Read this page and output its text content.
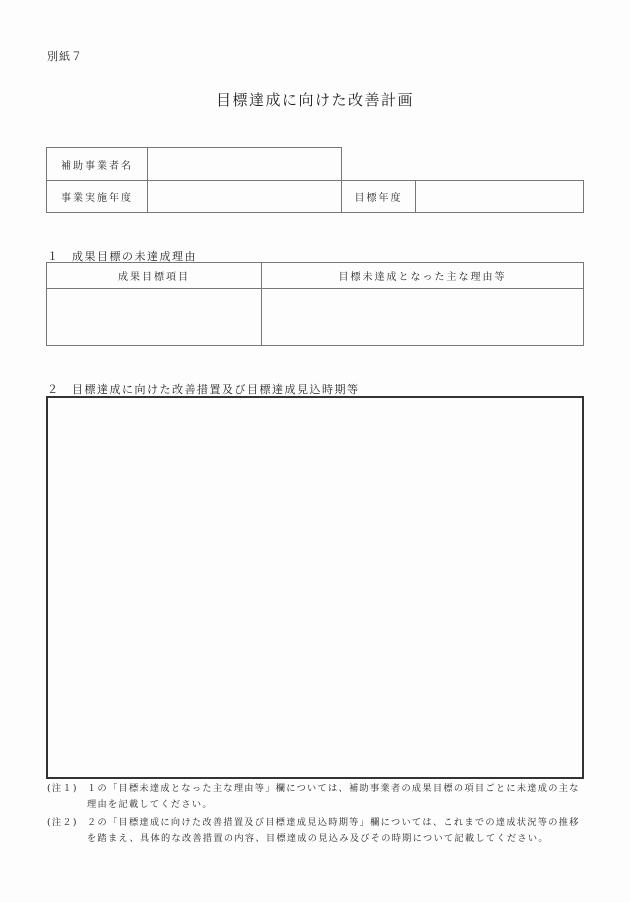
別紙７
目標達成に向けた改善計画
補助事業者名
事業実施年度	目標年度
１　成果目標の未達成理由
成果目標項目	目標未達成となった主な理由等
２　目標達成に向けた改善措置及び目標達成見込時期等
(注１) １の「目標未達成となった主な理由等」欄については、補助事業者の成果目標の項目ごとに未達成の主な理由を記載してください。
(注２) ２の「目標達成に向けた改善措置及び目標達成見込時期等」欄については、これまでの達成状況等の推移を踏まえ、具体的な改善措置の内容、目標達成の見込み及びその時期について記載してください。
